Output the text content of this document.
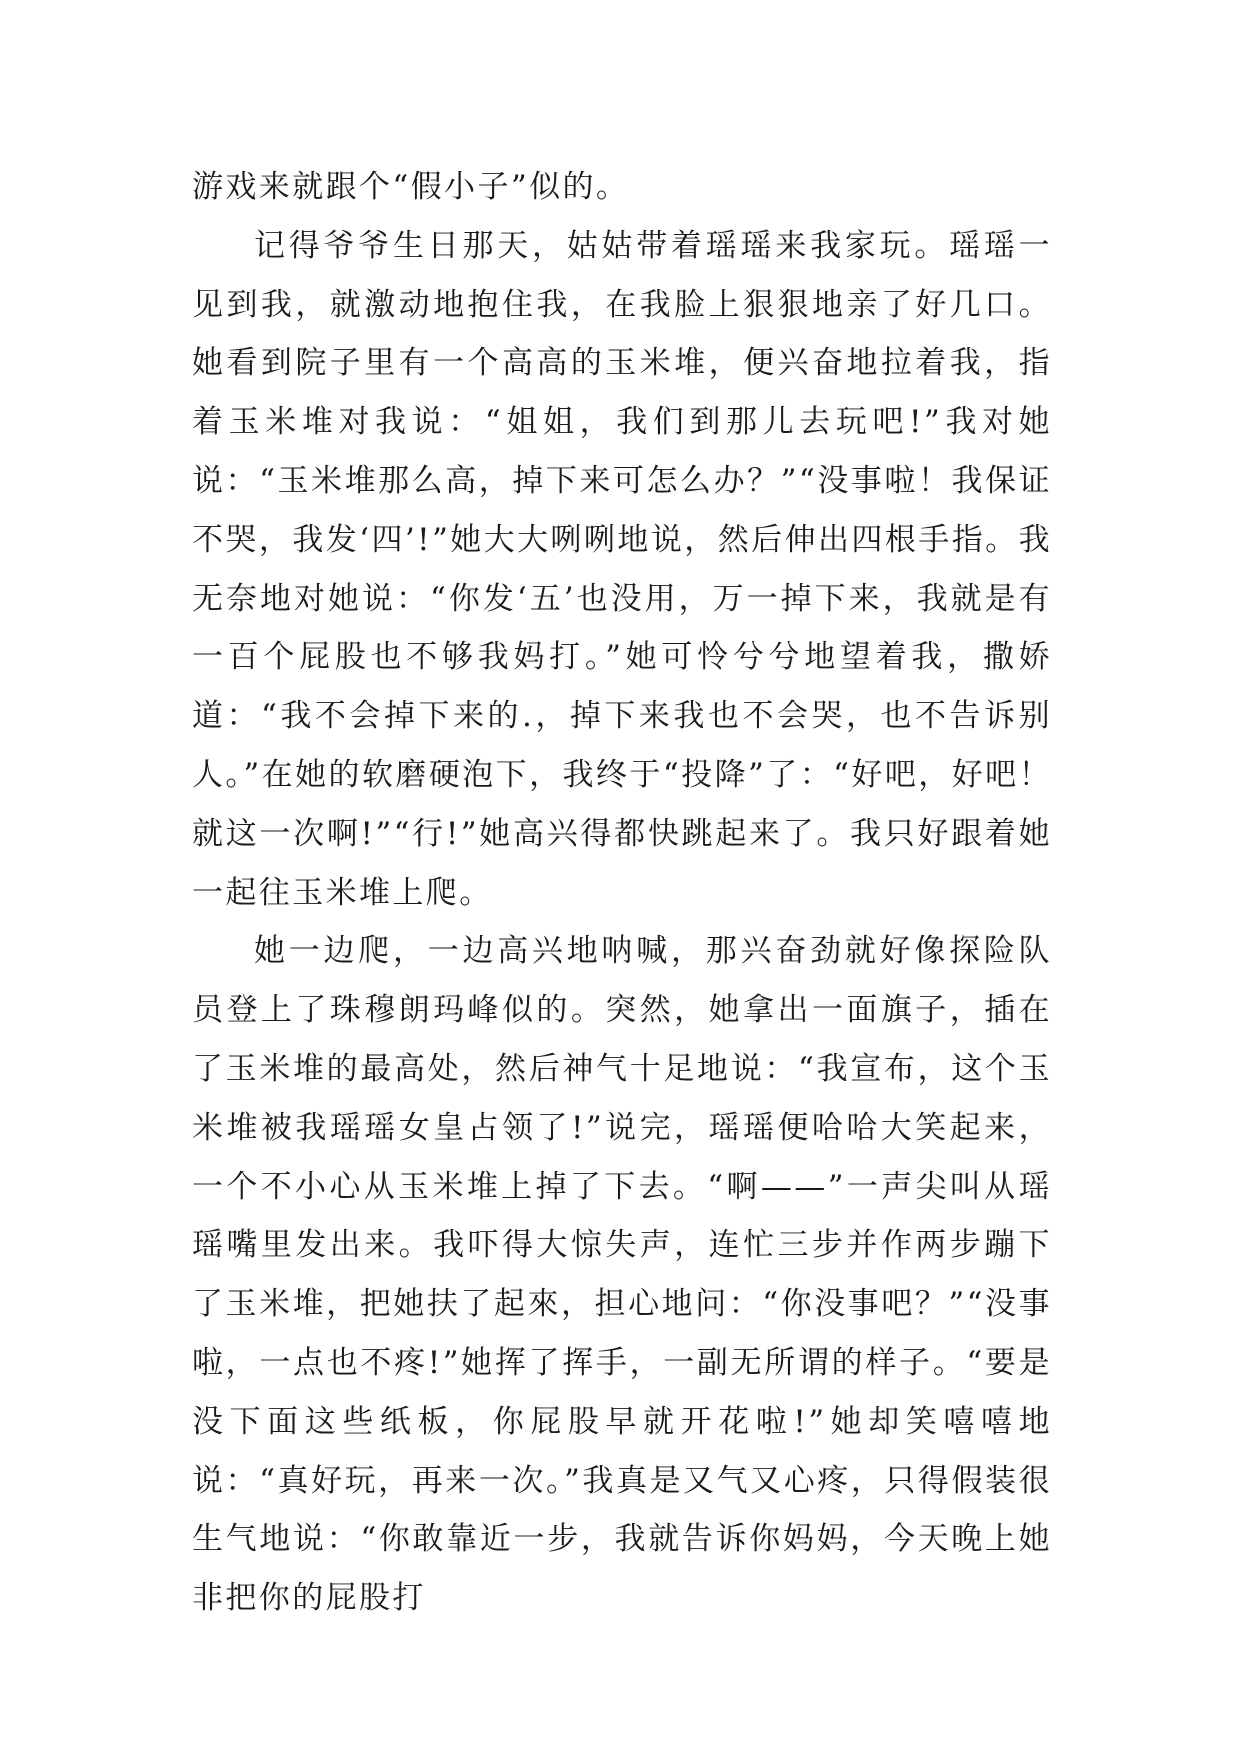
游戏来就跟个“假小子”似的。

记得爷爷生日那天，姑姑带着瑶瑶来我家玩。瑶瑶一见到我，就激动地抱住我，在我脸上狠狠地亲了好几口。她看到院子里有一个高高的玉米堆，便兴奋地拉着我，指着玉米堆对我说：“姐姐，我们到那儿去玩吧!”我对她说：“玉米堆那么高，掉下来可怎么办？”“没事啦！我保证不哭，我发‘四’!”她大大咧咧地说，然后伸出四根手指。我无奈地对她说：“你发‘五’也没用，万一掉下来，我就是有一百个屁股也不够我妈打。”她可怜兮兮地望着我，撒娇道：“我不会掉下来的.，掉下来我也不会哭，也不告诉别人。”在她的软磨硬泡下，我终于“投降”了：“好吧，好吧！就这一次啊!”“行!”她高兴得都快跳起来了。我只好跟着她一起往玉米堆上爬。

她一边爬，一边高兴地呐喊，那兴奋劲就好像探险队员登上了珠穆朗玛峰似的。突然，她拿出一面旗子，插在了玉米堆的最高处，然后神气十足地说：“我宣布，这个玉米堆被我瑶瑶女皇占领了!”说完，瑶瑶便哈哈大笑起来，一个不小心从玉米堆上掉了下去。“啊——”一声尖叫从瑶瑶嘴里发出来。我吓得大惊失声，连忙三步并作两步蹦下了玉米堆，把她扶了起來，担心地问：“你没事吧？”“没事啦，一点也不疼!”她挥了挥手，一副无所谓的样子。“要是没下面这些纸板，你屁股早就开花啦!”她却笑嘻嘻地说：“真好玩，再来一次。”我真是又气又心疼，只得假装很生气地说：“你敢靠近一步，我就告诉你妈妈，今天晚上她非把你的屁股打
